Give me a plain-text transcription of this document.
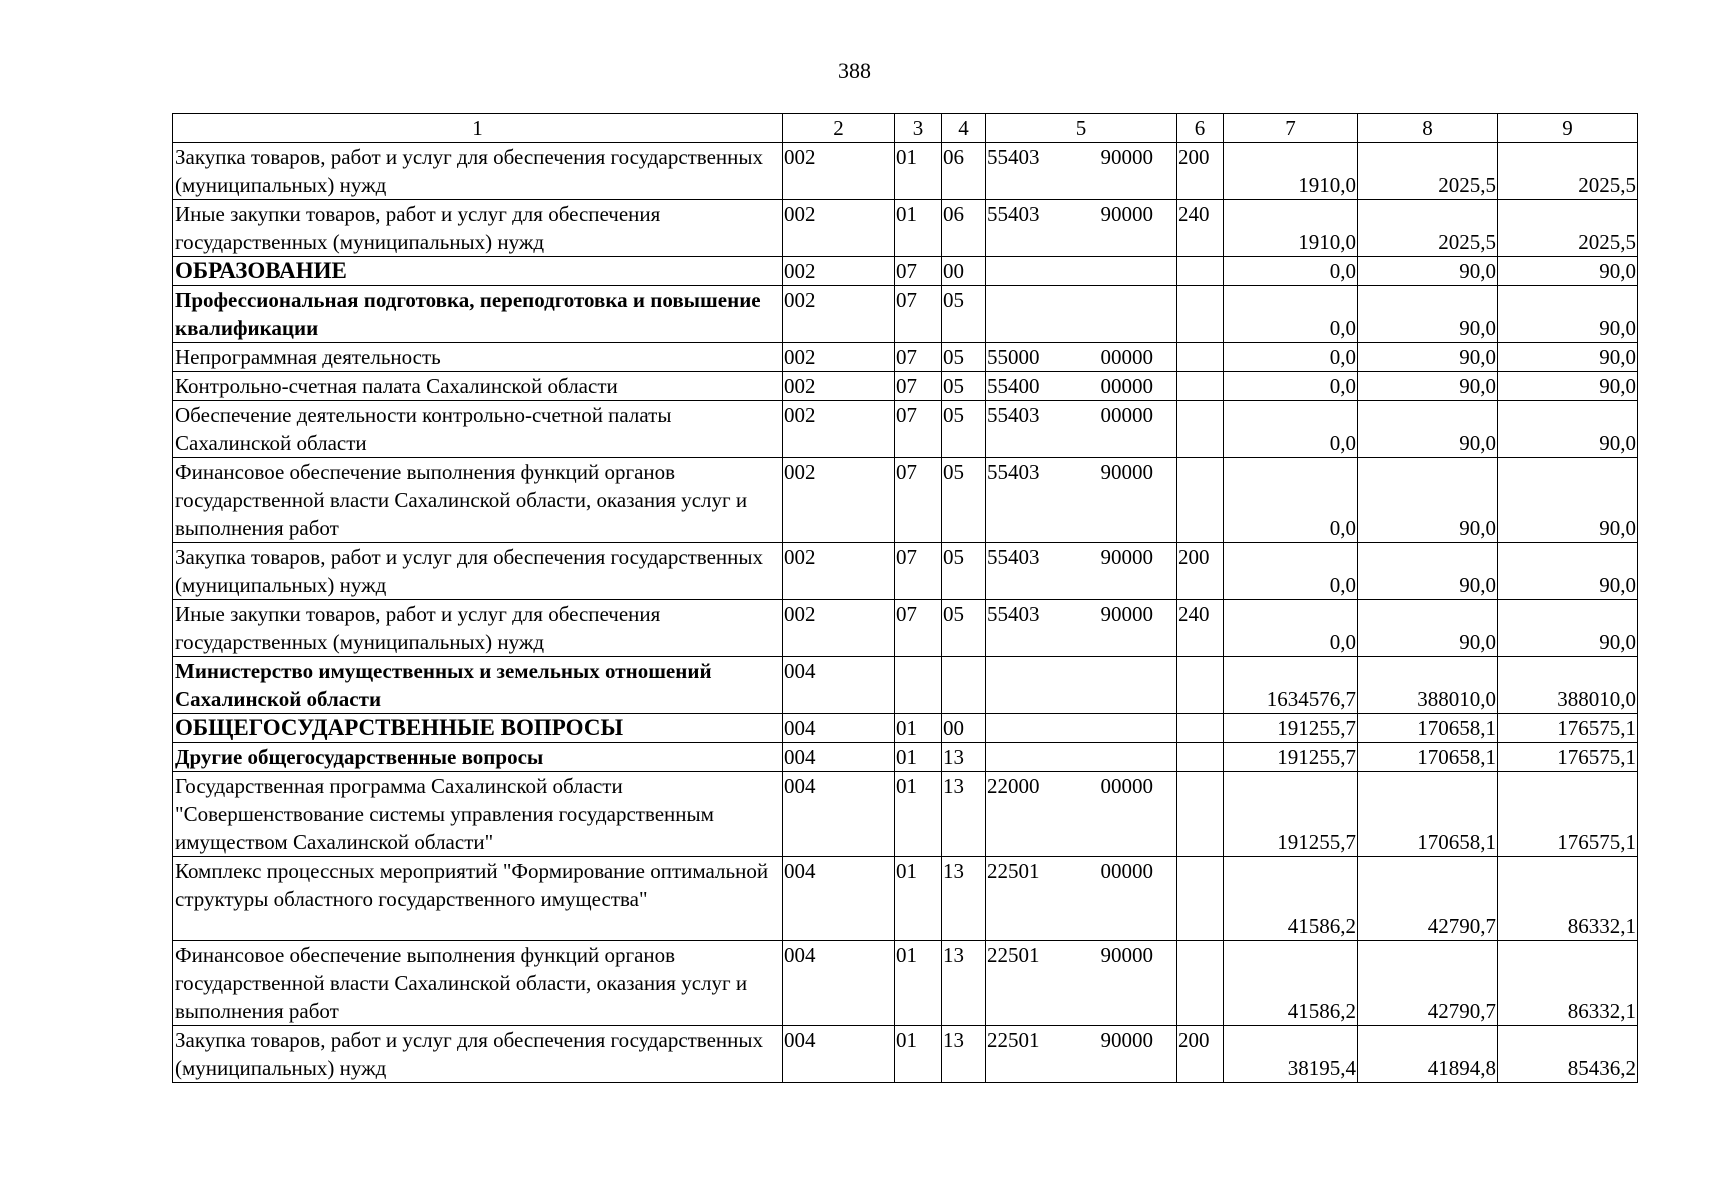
388
1	2	3	4	5	6	7	8	9
Закупка товаров, работ и услуг для обеспечения государственных (муниципальных) нужд	002	01	06	55403 90000	200	1910,0	2025,5	2025,5
Иные закупки товаров, работ и услуг для обеспечения государственных (муниципальных) нужд	002	01	06	55403 90000	240	1910,0	2025,5	2025,5
ОБРАЗОВАНИЕ	002	07	00			0,0	90,0	90,0
Профессиональная подготовка, переподготовка и повышение квалификации	002	07	05			0,0	90,0	90,0
Непрограммная деятельность	002	07	05	55000 00000		0,0	90,0	90,0
Контрольно-счетная палата Сахалинской области	002	07	05	55400 00000		0,0	90,0	90,0
Обеспечение деятельности контрольно-счетной палаты Сахалинской области	002	07	05	55403 00000		0,0	90,0	90,0
Финансовое обеспечение выполнения функций органов государственной власти Сахалинской области, оказания услуг и выполнения работ	002	07	05	55403 90000		0,0	90,0	90,0
Закупка товаров, работ и услуг для обеспечения государственных (муниципальных) нужд	002	07	05	55403 90000	200	0,0	90,0	90,0
Иные закупки товаров, работ и услуг для обеспечения государственных (муниципальных) нужд	002	07	05	55403 90000	240	0,0	90,0	90,0
Министерство имущественных и земельных отношений Сахалинской области	004					1634576,7	388010,0	388010,0
ОБЩЕГОСУДАРСТВЕННЫЕ ВОПРОСЫ	004	01	00			191255,7	170658,1	176575,1
Другие общегосударственные вопросы	004	01	13			191255,7	170658,1	176575,1
Государственная программа Сахалинской области "Совершенствование системы управления государственным имуществом Сахалинской области"	004	01	13	22000 00000		191255,7	170658,1	176575,1
Комплекс процессных мероприятий "Формирование оптимальной структуры областного государственного имущества"	004	01	13	22501 00000		41586,2	42790,7	86332,1
Финансовое обеспечение выполнения функций органов государственной власти Сахалинской области, оказания услуг и выполнения работ	004	01	13	22501 90000		41586,2	42790,7	86332,1
Закупка товаров, работ и услуг для обеспечения государственных (муниципальных) нужд	004	01	13	22501 90000	200	38195,4	41894,8	85436,2
